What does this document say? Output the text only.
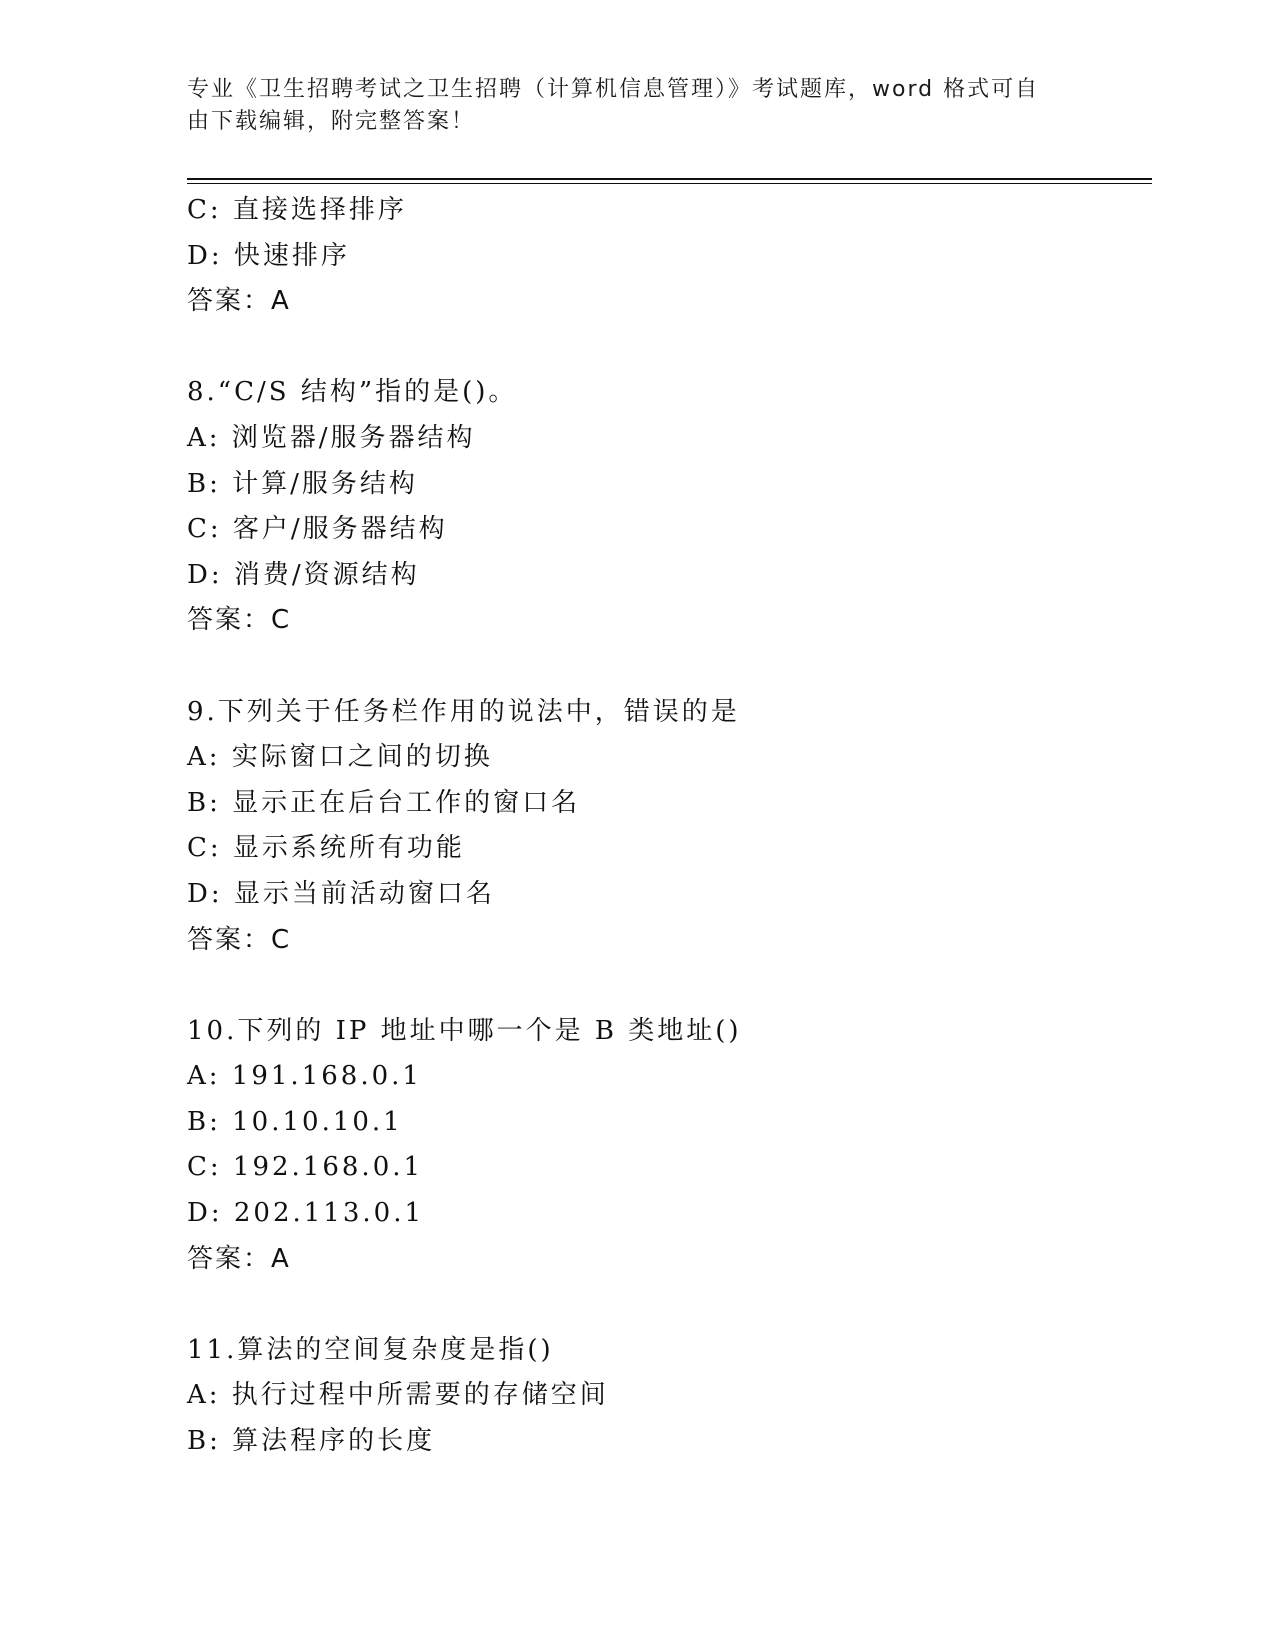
专业《卫生招聘考试之卫生招聘（计算机信息管理）》考试题库，word 格式可自
由下载编辑，附完整答案！
C: 直接选择排序
D: 快速排序
答案：A
8.“C/S 结构”指的是()。
A: 浏览器/服务器结构
B: 计算/服务结构
C: 客户/服务器结构
D: 消费/资源结构
答案：C
9.下列关于任务栏作用的说法中，错误的是
A: 实际窗口之间的切换
B: 显示正在后台工作的窗口名
C: 显示系统所有功能
D: 显示当前活动窗口名
答案：C
10.下列的 IP 地址中哪一个是 B 类地址()
A: 191.168.0.1
B: 10.10.10.1
C: 192.168.0.1
D: 202.113.0.1
答案：A
11.算法的空间复杂度是指()
A: 执行过程中所需要的存储空间
B: 算法程序的长度
